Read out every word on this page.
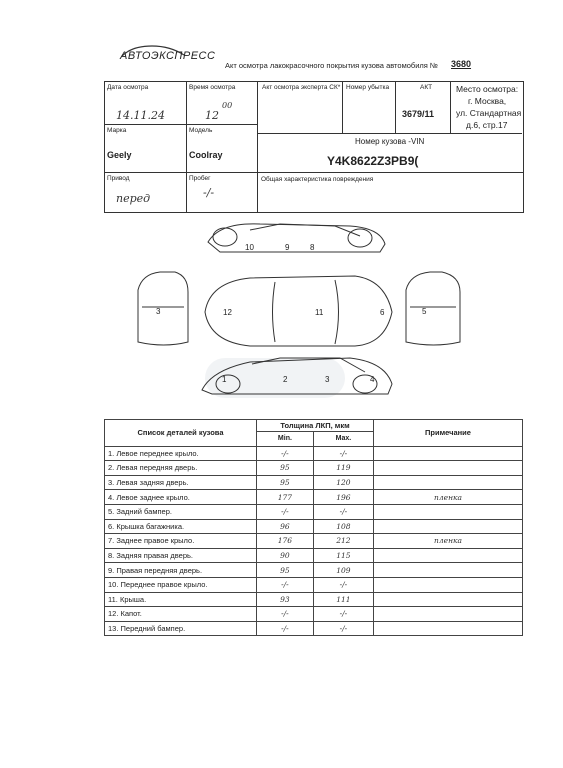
АВТОЭКСПРЕСС
Акт осмотра лакокрасочного покрытия кузова автомобиля № 3680
Дата осмотра
14.11.24
Время осмотра
12
00
Акт осмотра эксперта СК* Номер убытка	АКТ
3679/11
Место осмотра:
г. Москва,
ул. Стандартная
д.6, стр.17
Марка
Geely
Модель
Coolray
Номер кузова -VIN
Y4K8622Z3PB9(
Привод
перед
Пробег
-/-
Общая характеристика повреждения
10	9	8
12	11	6
3	5
1	2	3	4
Список деталей кузова	Толщина ЛКП, мкм		Примечание
	Min.	Max.	
1. Левое переднее крыло.	-/-	-/-	
2. Левая передняя дверь.	95	119	
3. Левая задняя дверь.	95	120	
4. Левое заднее крыло.	177	196	пленка
5. Задний бампер.	-/-	-/-	
6. Крышка багажника.	96	108	
7. Заднее правое крыло.	176	212	пленка
8. Задняя правая дверь.	90	115	
9. Правая передняя дверь.	95	109	
10. Переднее правое крыло.	-/-	-/-	
11. Крыша.	93	111	
12. Капот.	-/-	-/-	
13. Передний бампер.	-/-	-/-	
